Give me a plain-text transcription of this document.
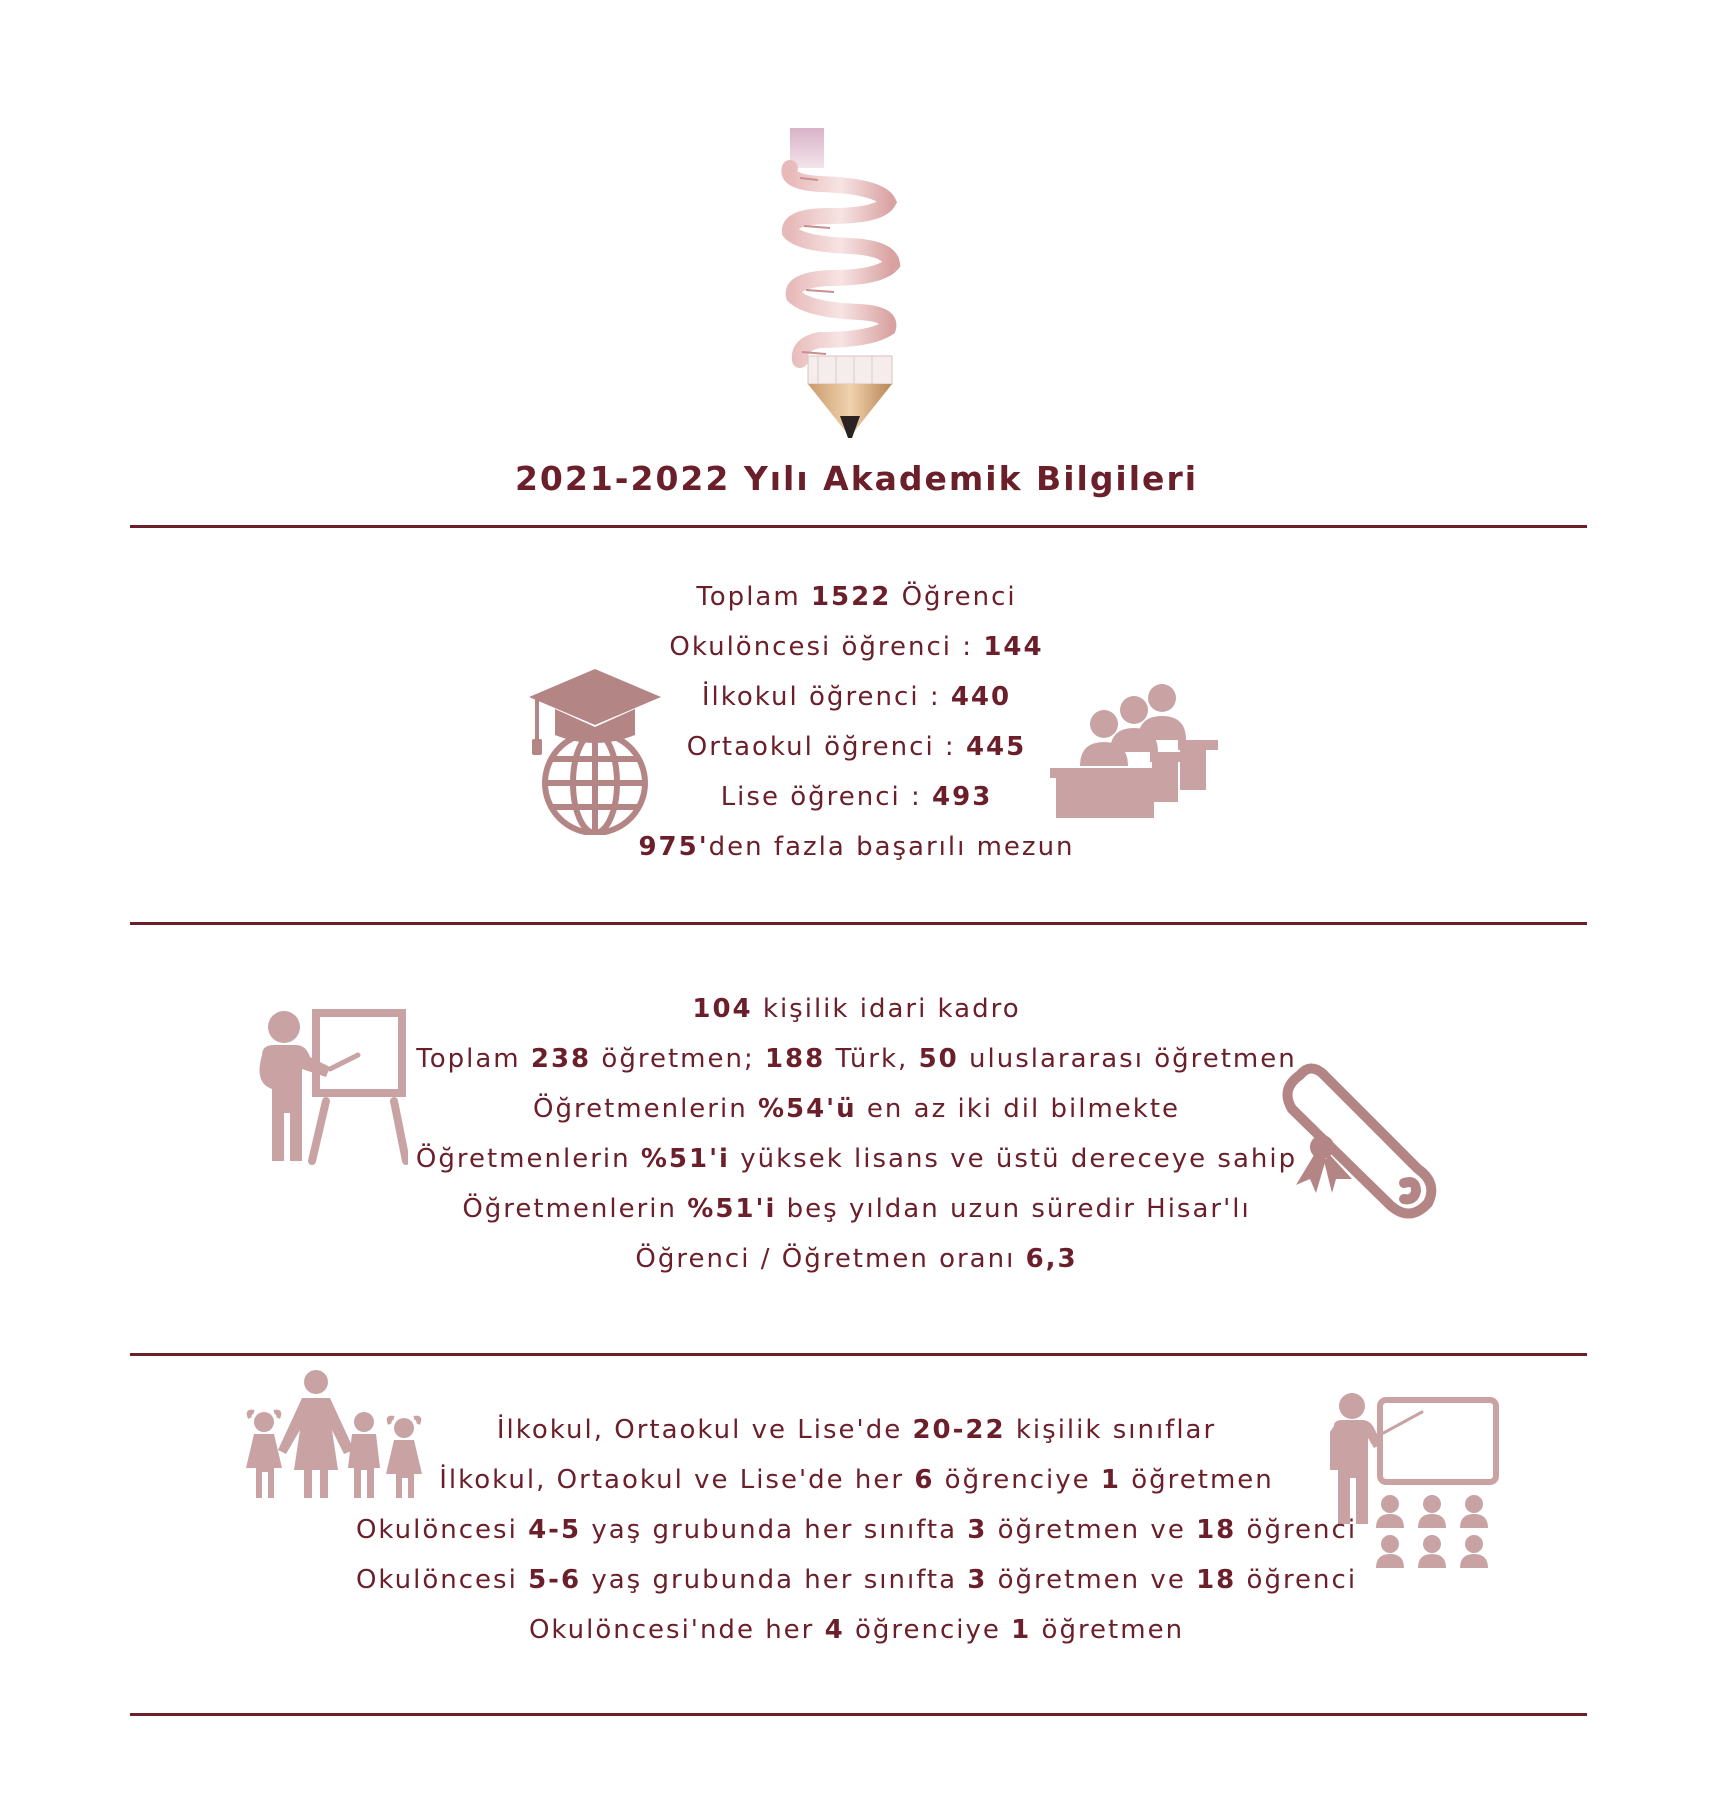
2021-2022 Yılı Akademik Bilgileri
Toplam 1522 Öğrenci
Okulöncesi öğrenci : 144
İlkokul öğrenci : 440
Ortaokul öğrenci : 445
Lise öğrenci : 493
975'den fazla başarılı mezun
104 kişilik idari kadro
Toplam 238 öğretmen; 188 Türk, 50 uluslararası öğretmen
Öğretmenlerin %54'ü en az iki dil bilmekte
Öğretmenlerin %51'i yüksek lisans ve üstü dereceye sahip
Öğretmenlerin %51'i beş yıldan uzun süredir Hisar'lı
Öğrenci / Öğretmen oranı 6,3
İlkokul, Ortaokul ve Lise'de 20-22 kişilik sınıflar
İlkokul, Ortaokul ve Lise'de her 6 öğrenciye 1 öğretmen
Okulöncesi 4-5 yaş grubunda her sınıfta 3 öğretmen ve 18 öğrenci
Okulöncesi 5-6 yaş grubunda her sınıfta 3 öğretmen ve 18 öğrenci
Okulöncesi'nde her 4 öğrenciye 1 öğretmen
